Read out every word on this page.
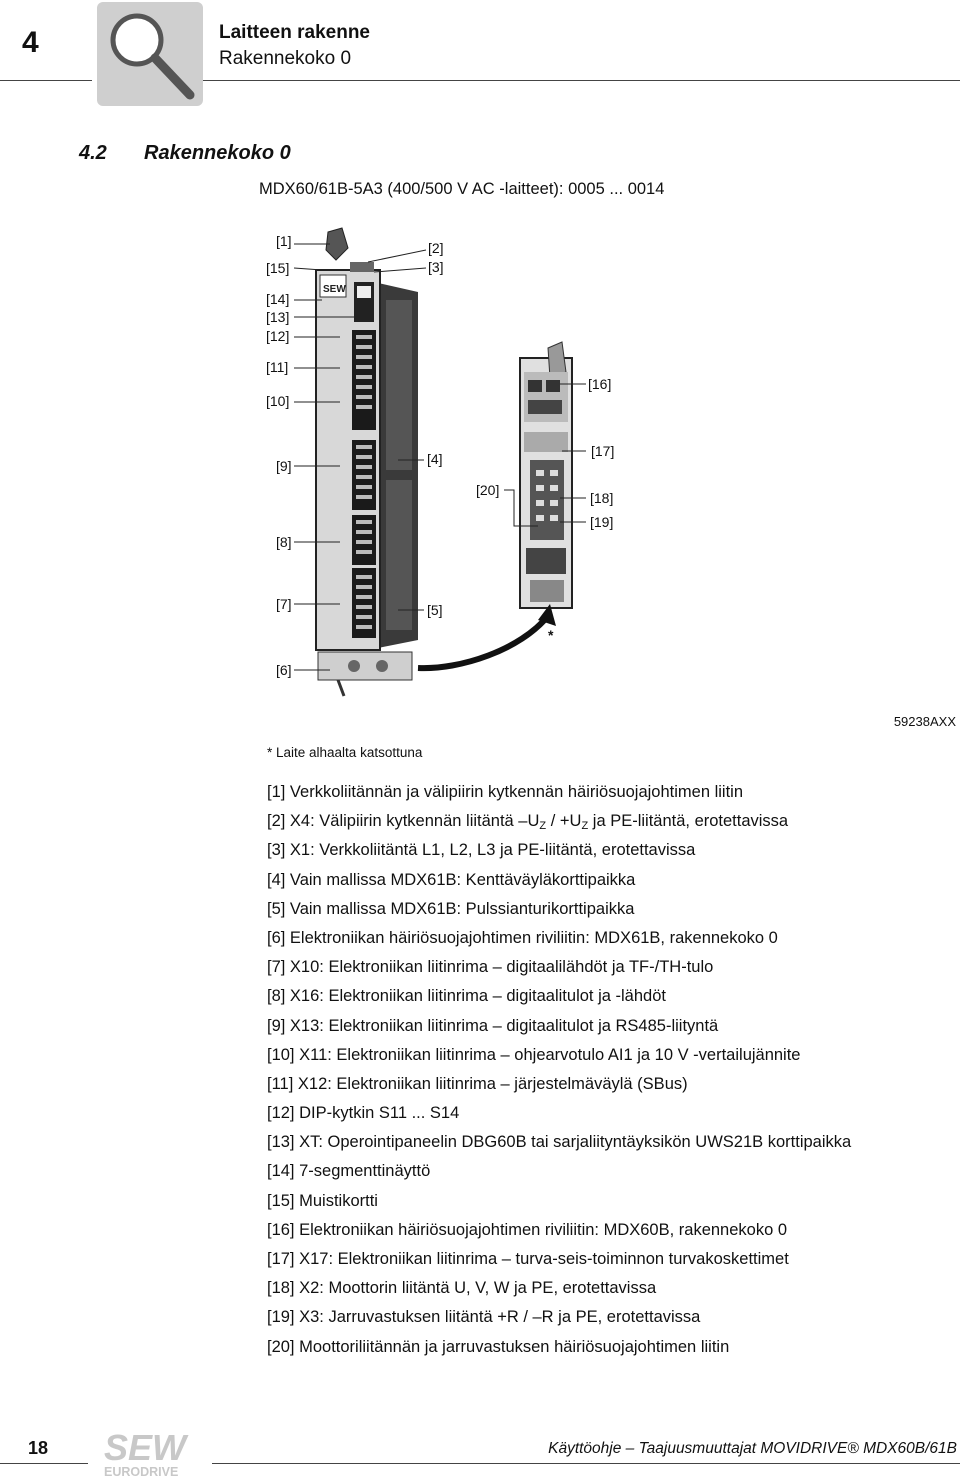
4	Laitteen rakenne
Rakennekoko 0
4.2 Rakennekoko 0
MDX60/61B-5A3 (400/500 V AC -laitteet): 0005 ... 0014
SEW
[1]
[15]
[2]
[3]
[14]
[13]
[12]
[11]
[10]
[16]
[9]	[4]	[17]
[20]	[18]
[19]
[8]
[7]	[5]
[6]
*
59238AXX
* Laite alhaalta katsottuna
[1] Verkkoliitännän ja välipiirin kytkennän häiriösuojajohtimen liitin
[2] X4: Välipiirin kytkennän liitäntä $-U_Z / +U_Z$ ja PE-liitäntä, erotettavissa
[3] X1: Verkkoliitäntä L1, L2, L3 ja PE-liitäntä, erotettavissa
[4] Vain mallissa MDX61B: Kenttäväyläkorttipaikka
[5] Vain mallissa MDX61B: Pulssianturikorttipaikka
[6] Elektroniikan häiriösuojajohtimen riviliitin: MDX61B, rakennekoko 0
[7] X10: Elektroniikan liitinrima – digitaalilähdöt ja TF-/TH-tulo
[8] X16: Elektroniikan liitinrima – digitaalitulot ja -lähdöt
[9] X13: Elektroniikan liitinrima – digitaalitulot ja RS485-liityntä
[10] X11: Elektroniikan liitinrima – ohjearvotulo AI1 ja 10 V -vertailujännite
[11] X12: Elektroniikan liitinrima – järjestelmäväylä (SBus)
[12] DIP-kytkin S11 ... S14
[13] XT: Operointipaneelin DBG60B tai sarjaliityntäyksikön UWS21B korttipaikka
[14] 7-segmenttinäyttö
[15] Muistikortti
[16] Elektroniikan häiriösuojajohtimen riviliitin: MDX60B, rakennekoko 0
[17] X17: Elektroniikan liitinrima – turva-seis-toiminnon turvakoskettimet
[18] X2: Moottorin liitäntä U, V, W ja PE, erotettavissa
[19] X3: Jarruvastuksen liitäntä +R / –R ja PE, erotettavissa
[20] Moottoriliitännän ja jarruvastuksen häiriösuojajohtimen liitin
18 SEW
EURODRIVE
Käyttöohje – Taajuusmuuttajat MOVIDRIVE® MDX60B/61B
